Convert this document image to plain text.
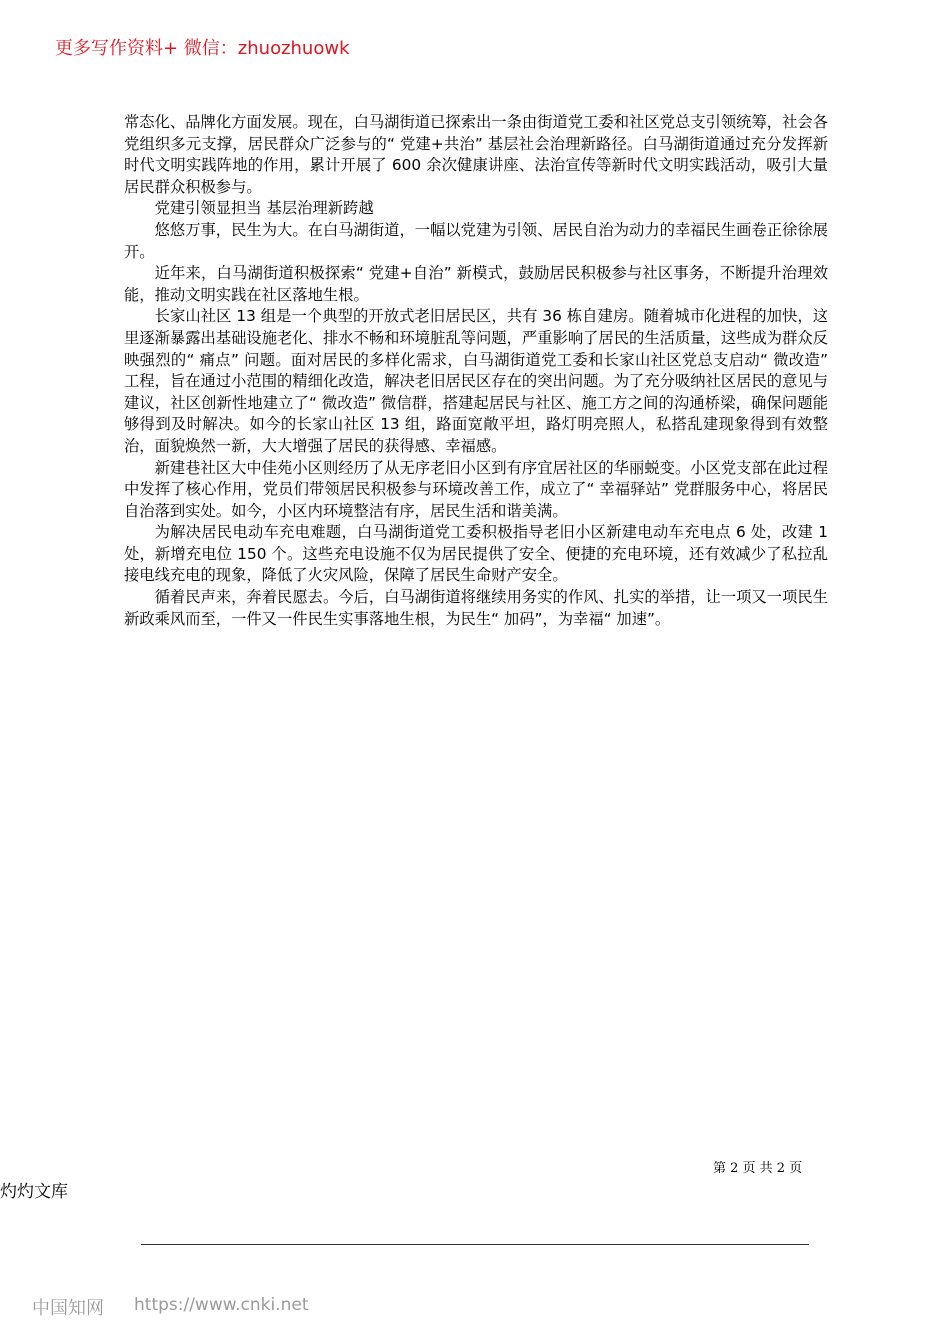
更多写作资料+ 微信：zhuozhuowk

常态化、品牌化方面发展。现在，白马湖街道已探索出一条由街道党工委和社区党总支引领统筹，社会各党组织多元支撑，居民群众广泛参与的“ 党建+共治” 基层社会治理新路径。白马湖街道通过充分发挥新时代文明实践阵地的作用，累计开展了 600 余次健康讲座、法治宣传等新时代文明实践活动，吸引大量居民群众积极参与。

党建引领显担当 基层治理新跨越

悠悠万事，民生为大。在白马湖街道，一幅以党建为引领、居民自治为动力的幸福民生画卷正徐徐展开。

近年来，白马湖街道积极探索“ 党建+自治” 新模式，鼓励居民积极参与社区事务，不断提升治理效能，推动文明实践在社区落地生根。

长家山社区 13 组是一个典型的开放式老旧居民区，共有 36 栋自建房。随着城市化进程的加快，这里逐渐暴露出基础设施老化、排水不畅和环境脏乱等问题，严重影响了居民的生活质量，这些成为群众反映强烈的“ 痛点” 问题。面对居民的多样化需求，白马湖街道党工委和长家山社区党总支启动“ 微改造” 工程，旨在通过小范围的精细化改造，解决老旧居民区存在的突出问题。为了充分吸纳社区居民的意见与建议，社区创新性地建立了“ 微改造” 微信群，搭建起居民与社区、施工方之间的沟通桥梁，确保问题能够得到及时解决。如今的长家山社区 13 组，路面宽敞平坦，路灯明亮照人，私搭乱建现象得到有效整治，面貌焕然一新，大大增强了居民的获得感、幸福感。

新建巷社区大中佳苑小区则经历了从无序老旧小区到有序宜居社区的华丽蜕变。小区党支部在此过程中发挥了核心作用，党员们带领居民积极参与环境改善工作，成立了“ 幸福驿站” 党群服务中心，将居民自治落到实处。如今，小区内环境整洁有序，居民生活和谐美满。

为解决居民电动车充电难题，白马湖街道党工委积极指导老旧小区新建电动车充电点 6 处，改建 1 处，新增充电位 150 个。这些充电设施不仅为居民提供了安全、便捷的充电环境，还有效减少了私拉乱接电线充电的现象，降低了火灾风险，保障了居民生命财产安全。

循着民声来，奔着民愿去。今后，白马湖街道将继续用务实的作风、扎实的举措，让一项又一项民生新政乘风而至，一件又一件民生实事落地生根，为民生“ 加码”，为幸福“ 加速”。

第 2 页 共 2 页
灼灼文库
中国知网 https://www.cnki.net
